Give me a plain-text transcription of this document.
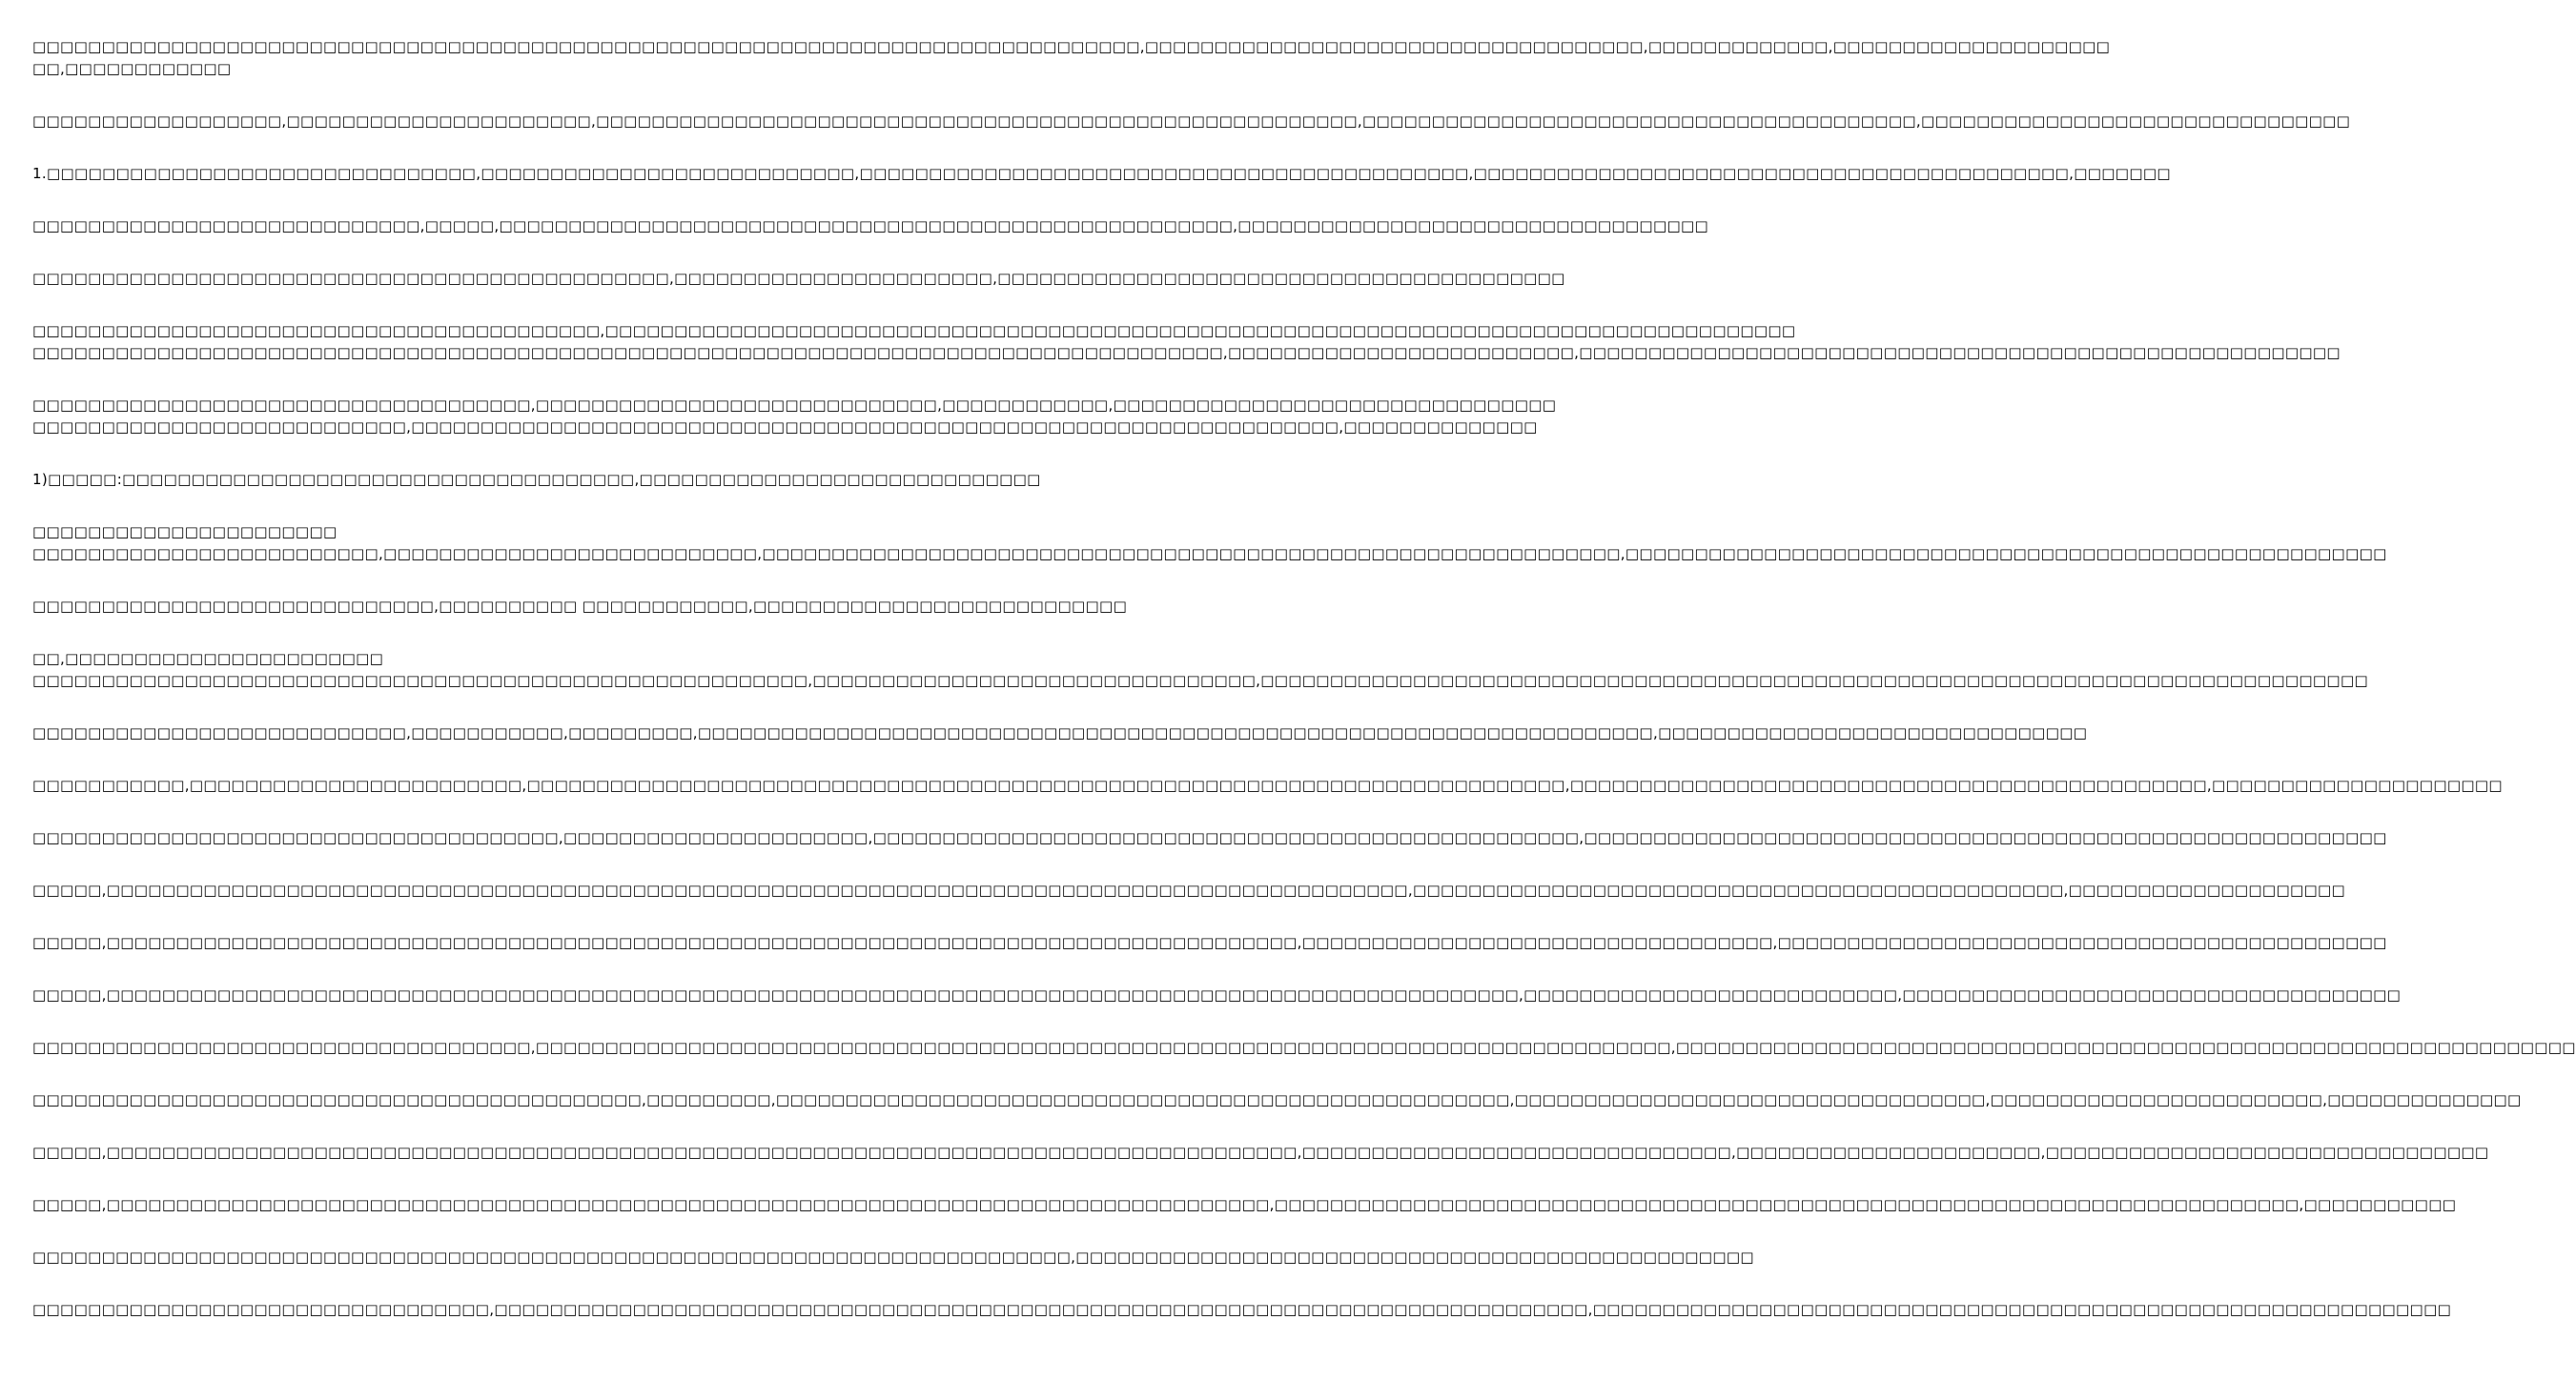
□□□□□□□□□□□□□□□□□□□□□□□□□□□□□□□□□□□□□□□□□□□□□□□□□□□□□□□□□□□□□□□□□□□□□□□□□□□□□□□□,□□□□□□□□□□□□□□□□□□□□□□□□□□□□□□□□□□□□,□□□□□□□□□□□□□,□□□□□□□□□□□□□□□□□□□□
□□,□□□□□□□□□□□□
□□□□□□□□□□□□□□□□□□,□□□□□□□□□□□□□□□□□□□□□□,□□□□□□□□□□□□□□□□□□□□□□□□□□□□□□□□□□□□□□□□□□□□□□□□□□□□□□□,□□□□□□□□□□□□□□□□□□□□□□□□□□□□□□□□□□□□□□□□,□□□□□□□□□□□□□□□□□□□□□□□□□□□□□□□
1.□□□□□□□□□□□□□□□□□□□□□□□□□□□□□□□,□□□□□□□□□□□□□□□□□□□□□□□□□□□,□□□□□□□□□□□□□□□□□□□□□□□□□□□□□□□□□□□□□□□□□□□□,□□□□□□□□□□□□□□□□□□□□□□□□□□□□□□□□□□□□□□□□□□□,□□□□□□□
□□□□□□□□□□□□□□□□□□□□□□□□□□□□,□□□□□,□□□□□□□□□□□□□□□□□□□□□□□□□□□□□□□□□□□□□□□□□□□□□□□□□□□□□,□□□□□□□□□□□□□□□□□□□□□□□□□□□□□□□□□□
□□□□□□□□□□□□□□□□□□□□□□□□□□□□□□□□□□□□□□□□□□□□□□,□□□□□□□□□□□□□□□□□□□□□□□,□□□□□□□□□□□□□□□□□□□□□□□□□□□□□□□□□□□□□□□□□
□□□□□□□□□□□□□□□□□□□□□□□□□□□□□□□□□□□□□□□□□,□□□□□□□□□□□□□□□□□□□□□□□□□□□□□□□□□□□□□□□□□□□□□□□□□□□□□□□□□□□□□□□□□□□□□□□□□□□□□□□□□□□□□□
□□□□□□□□□□□□□□□□□□□□□□□□□□□□□□□□□□□□□□□□□□□□□□□□□□□□□□□□□□□□□□□□□□□□□□□□□□□□□□□□□□□□□□,□□□□□□□□□□□□□□□□□□□□□□□□□,□□□□□□□□□□□□□□□□□□□□□□□□□□□□□□□□□□□□□□□□□□□□□□□□□□□□□□□
□□□□□□□□□□□□□□□□□□□□□□□□□□□□□□□□□□□□,□□□□□□□□□□□□□□□□□□□□□□□□□□□□□,□□□□□□□□□□□□,□□□□□□□□□□□□□□□□□□□□□□□□□□□□□□□□
□□□□□□□□□□□□□□□□□□□□□□□□□□□,□□□□□□□□□□□□□□□□□□□□□□□□□□□□□□□□□□□□□□□□□□□□□□□□□□□□□□□□□□□□□□□□□□□,□□□□□□□□□□□□□□
1)□□□□□:□□□□□□□□□□□□□□□□□□□□□□□□□□□□□□□□□□□□□,□□□□□□□□□□□□□□□□□□□□□□□□□□□□□
□□□□□□□□□□□□□□□□□□□□□□
□□□□□□□□□□□□□□□□□□□□□□□□□,□□□□□□□□□□□□□□□□□□□□□□□□□□□,□□□□□□□□□□□□□□□□□□□□□□□□□□□□□□□□□□□□□□□□□□□□□□□□□□□□□□□□□□□□□□,□□□□□□□□□□□□□□□□□□□□□□□□□□□□□□□□□□□□□□□□□□□□□□□□□□□□□□□
□□□□□□□□□□□□□□□□□□□□□□□□□□□□□,□□□□□□□□□□ □□□□□□□□□□□□,□□□□□□□□□□□□□□□□□□□□□□□□□□□
□□,□□□□□□□□□□□□□□□□□□□□□□□
□□□□□□□□□□□□□□□□□□□□□□□□□□□□□□□□□□□□□□□□□□□□□□□□□□□□□□□□,□□□□□□□□□□□□□□□□□□□□□□□□□□□□□□□□,□□□□□□□□□□□□□□□□□□□□□□□□□□□□□□□□□□□□□□□□□□□□□□□□□□□□□□□□□□□□□□□□□□□□□□□□□□□□□□□□
□□□□□□□□□□□□□□□□□□□□□□□□□□□,□□□□□□□□□□□,□□□□□□□□□,□□□□□□□□□□□□□□□□□□□□□□□□□□□□□□□□□□□□□□□□□□□□□□□□□□□□□□□□□□□□□□□□□□□□□,□□□□□□□□□□□□□□□□□□□□□□□□□□□□□□□
□□□□□□□□□□□,□□□□□□□□□□□□□□□□□□□□□□□□,□□□□□□□□□□□□□□□□□□□□□□□□□□□□□□□□□□□□□□□□□□□□□□□□□□□□□□□□□□□□□□□□□□□□□□□□□□□,□□□□□□□□□□□□□□□□□□□□□□□□□□□□□□□□□□□□□□□□□□□□□□,□□□□□□□□□□□□□□□□□□□□□
□□□□□□□□□□□□□□□□□□□□□□□□□□□□□□□□□□□□□□,□□□□□□□□□□□□□□□□□□□□□□,□□□□□□□□□□□□□□□□□□□□□□□□□□□□□□□□□□□□□□□□□□□□□□□□□□□,□□□□□□□□□□□□□□□□□□□□□□□□□□□□□□□□□□□□□□□□□□□□□□□□□□□□□□□□□□
□□□□□,□□□□□□□□□□□□□□□□□□□□□□□□□□□□□□□□□□□□□□□□□□□□□□□□□□□□□□□□□□□□□□□□□□□□□□□□□□□□□□□□□□□□□□□□□□□□□□,□□□□□□□□□□□□□□□□□□□□□□□□□□□□□□□□□□□□□□□□□□□□□□□,□□□□□□□□□□□□□□□□□□□□
□□□□□,□□□□□□□□□□□□□□□□□□□□□□□□□□□□□□□□□□□□□□□□□□□□□□□□□□□□□□□□□□□□□□□□□□□□□□□□□□□□□□□□□□□□□□,□□□□□□□□□□□□□□□□□□□□□□□□□□□□□□□□□□,□□□□□□□□□□□□□□□□□□□□□□□□□□□□□□□□□□□□□□□□□□□□
□□□□□,□□□□□□□□□□□□□□□□□□□□□□□□□□□□□□□□□□□□□□□□□□□□□□□□□□□□□□□□□□□□□□□□□□□□□□□□□□□□□□□□□□□□□□□□□□□□□□□□□□□□□□,□□□□□□□□□□□□□□□□□□□□□□□□□□□,□□□□□□□□□□□□□□□□□□□□□□□□□□□□□□□□□□□□
□□□□□□□□□□□□□□□□□□□□□□□□□□□□□□□□□□□□,□□□□□□□□□□□□□□□□□□□□□□□□□□□□□□□□□□□□□□□□□□□□□□□□□□□□□□□□□□□□□□□□□□□□□□□□□□□□□□□□□□,□□□□□□□□□□□□□□□□□□□□□□□□□□□□□□□□□□□□□□□□□□□□□□□□□□□□□□□□□□□□□□□□□
□□□□□□□□□□□□□□□□□□□□□□□□□□□□□□□□□□□□□□□□□□□□,□□□□□□□□□,□□□□□□□□□□□□□□□□□□□□□□□□□□□□□□□□□□□□□□□□□□□□□□□□□□□□□,□□□□□□□□□□□□□□□□□□□□□□□□□□□□□□□□□□,□□□□□□□□□□□□□□□□□□□□□□□□,□□□□□□□□□□□□□□
□□□□□,□□□□□□□□□□□□□□□□□□□□□□□□□□□□□□□□□□□□□□□□□□□□□□□□□□□□□□□□□□□□□□□□□□□□□□□□□□□□□□□□□□□□□□,□□□□□□□□□□□□□□□□□□□□□□□□□□□□□□□,□□□□□□□□□□□□□□□□□□□□□□,□□□□□□□□□□□□□□□□□□□□□□□□□□□□□□□□
□□□□□,□□□□□□□□□□□□□□□□□□□□□□□□□□□□□□□□□□□□□□□□□□□□□□□□□□□□□□□□□□□□□□□□□□□□□□□□□□□□□□□□□□□□,□□□□□□□□□□□□□□□□□□□□□□□□□□□□□□□□□□□□□□□□□□□□□□□□□□□□□□□□□□□□□□□□□□□□□□□□□□,□□□□□□□□□□□
□□□□□□□□□□□□□□□□□□□□□□□□□□□□□□□□□□□□□□□□□□□□□□□□□□□□□□□□□□□□□□□□□□□□□□□□□□□,□□□□□□□□□□□□□□□□□□□□□□□□□□□□□□□□□□□□□□□□□□□□□□□□□
□□□□□□□□□□□□□□□□□□□□□□□□□□□□□□□□□,□□□□□□□□□□□□□□□□□□□□□□□□□□□□□□□□□□□□□□□□□□□□□□□□□□□□□□□□□□□□□□□□□□□□□□□□□□□□□□□,□□□□□□□□□□□□□□□□□□□□□□□□□□□□□□□□□□□□□□□□□□□□□□□□□□□□□□□□□□□□□□
